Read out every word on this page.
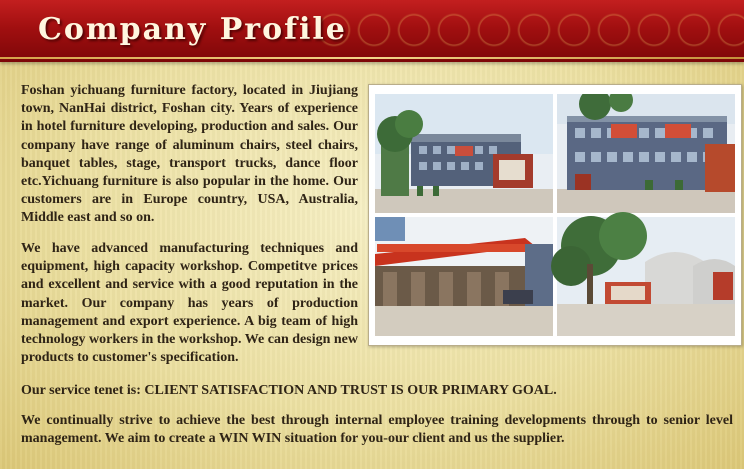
Company Profile

Foshan yichuang furniture factory, located in Jiujiang town, NanHai district, Foshan city. Years of experience in hotel furniture developing, production and sales. Our company have range of aluminum chairs, steel chairs, banquet tables, stage, transport trucks, dance floor etc.Yichuang furniture is also popular in the home. Our customers are in Europe country, USA, Australia, Middle east and so on.

We have advanced manufacturing techniques and equipment, high capacity workshop. Competitve prices and excellent and service with a good reputation in the market. Our company has years of production management and export experience. A big team of high technology workers in the workshop. We can design new products to customer's specification.

Our service tenet is: CLIENT SATISFACTION AND TRUST IS OUR PRIMARY GOAL.

We continually strive to achieve the best through internal employee training developments through to senior level management. We aim to create a WIN WIN situation for you-our client and us the supplier.
